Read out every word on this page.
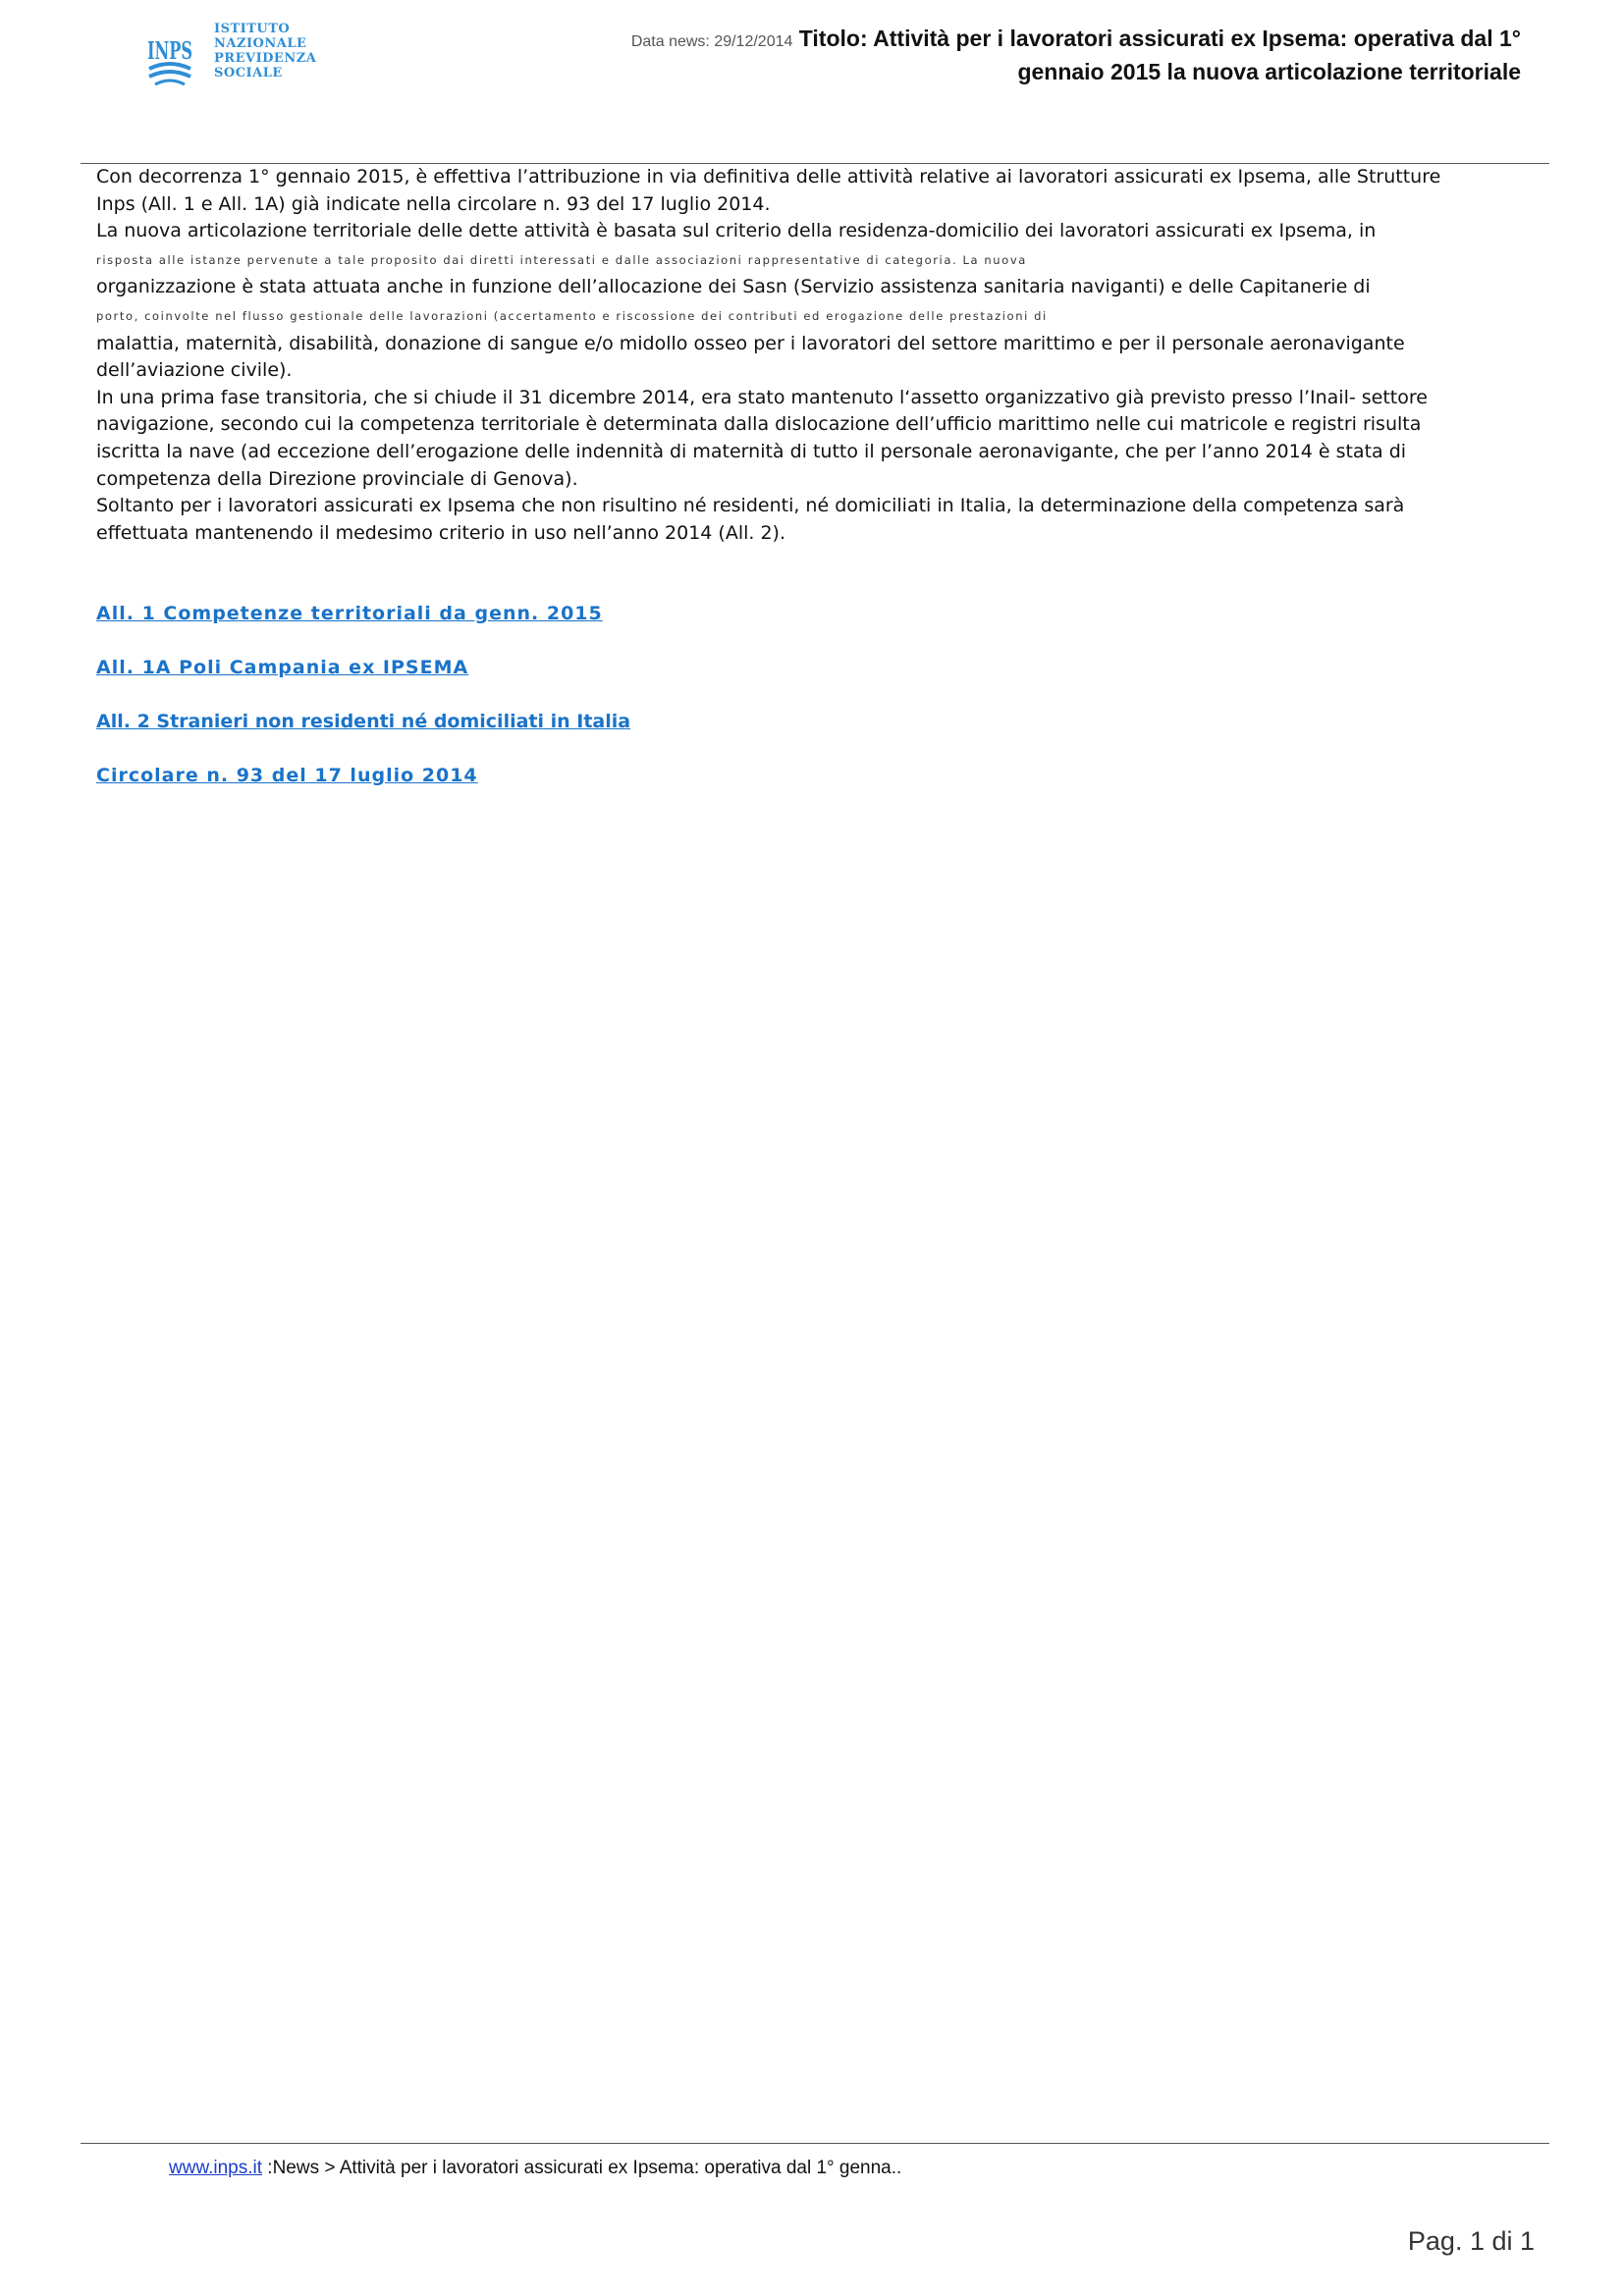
INPS
ISTITUTO
NAZIONALE
PREVIDENZA
SOCIALE
Data news: 29/12/2014 Titolo: Attività per i lavoratori assicurati ex Ipsema: operativa dal 1°
gennaio 2015 la nuova articolazione territoriale

Con decorrenza 1° gennaio 2015, è effettiva l’attribuzione in via definitiva delle attività relative ai lavoratori assicurati ex Ipsema, alle Strutture Inps (All. 1 e All. 1A) già indicate nella circolare n. 93 del 17 luglio 2014.

La nuova articolazione territoriale delle dette attività è basata sul criterio della residenza-domicilio dei lavoratori assicurati ex Ipsema, in
risposta alle istanze pervenute a tale proposito dai diretti interessati e dalle associazioni rappresentative di categoria. La nuova
organizzazione è stata attuata anche in funzione dell’allocazione dei Sasn (Servizio assistenza sanitaria naviganti) e delle Capitanerie di
porto, coinvolte nel flusso gestionale delle lavorazioni (accertamento e riscossione dei contributi ed erogazione delle prestazioni di
malattia, maternità, disabilità, donazione di sangue e/o midollo osseo per i lavoratori del settore marittimo e per il personale aeronavigante dell’aviazione civile).

In una prima fase transitoria, che si chiude il 31 dicembre 2014, era stato mantenuto l‘assetto organizzativo già previsto presso l’Inail- settore navigazione, secondo cui la competenza territoriale è determinata dalla dislocazione dell’ufficio marittimo nelle cui matricole e registri risulta iscritta la nave (ad eccezione dell’erogazione delle indennità di maternità di tutto il personale aeronavigante, che per l’anno 2014 è stata di competenza della Direzione provinciale di Genova).

Soltanto per i lavoratori assicurati ex Ipsema che non risultino né residenti, né domiciliati in Italia, la determinazione della competenza sarà effettuata mantenendo il medesimo criterio in uso nell’anno 2014 (All. 2).

All. 1 Competenze territoriali da genn. 2015
All. 1A Poli Campania ex IPSEMA
All. 2 Stranieri non residenti né domiciliati in Italia
Circolare n. 93 del 17 luglio 2014
www.inps.it :News > Attività per i lavoratori assicurati ex Ipsema: operativa dal 1° genna..
Pag. 1 di 1
